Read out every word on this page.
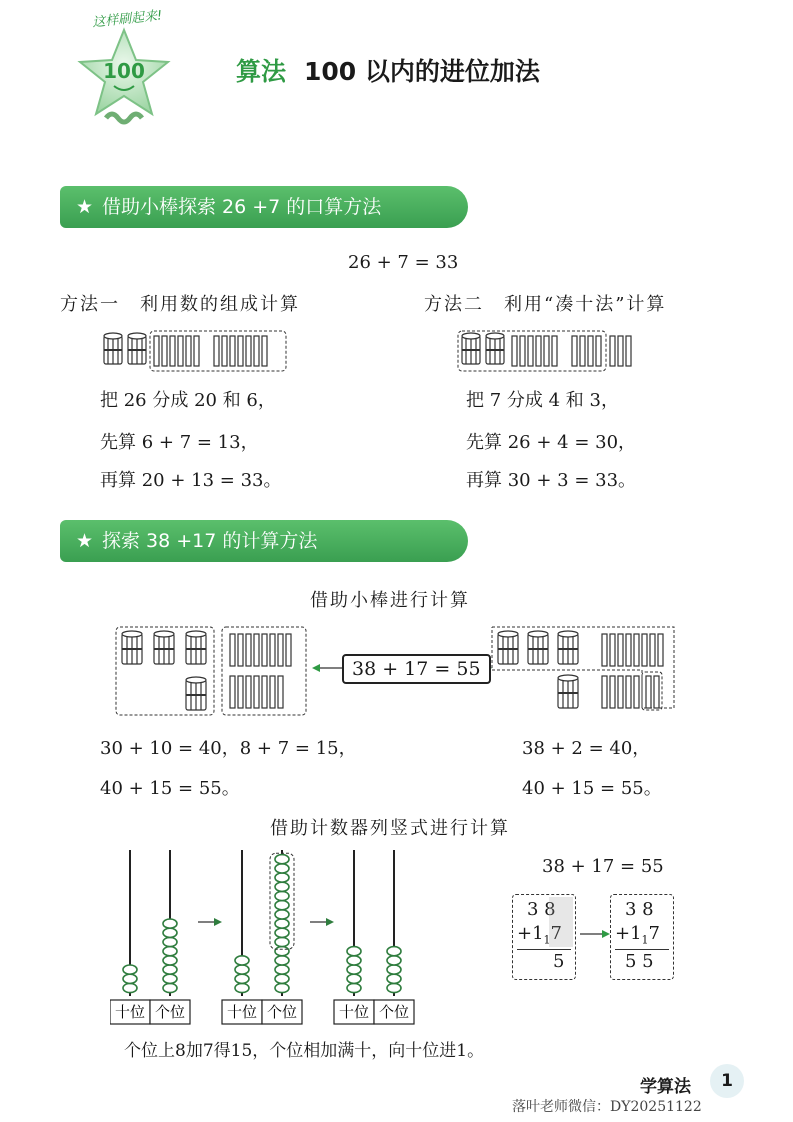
这样刷起来!
100	算法 100 以内的进位加法
★ 借助小棒探索 26 +7 的口算方法
26 + 7 = 33
方法一　利用数的组成计算	方法二　利用“凑十法”计算
把 26 分成 20 和 6，
先算 6 + 7 = 13，
再算 20 + 13 = 33。
把 7 分成 4 和 3，
先算 26 + 4 = 30，
再算 30 + 3 = 33。
★ 探索 38 +17 的计算方法
借助小棒进行计算
38 + 17 = 55
30 + 10 = 40，8 + 7 = 15，
40 + 15 = 55。
38 + 2 = 40，
40 + 15 = 55。
借助计数器列竖式进行计算
十位 个位	十位 个位	十位 个位
38 + 17 = 55
3 8
$+1_17$
5
3 8
$+1_17$
5 5
个位上8加7得15，个位相加满十，向十位进1。
学算法	1
落叶老师微信：DY20251122
